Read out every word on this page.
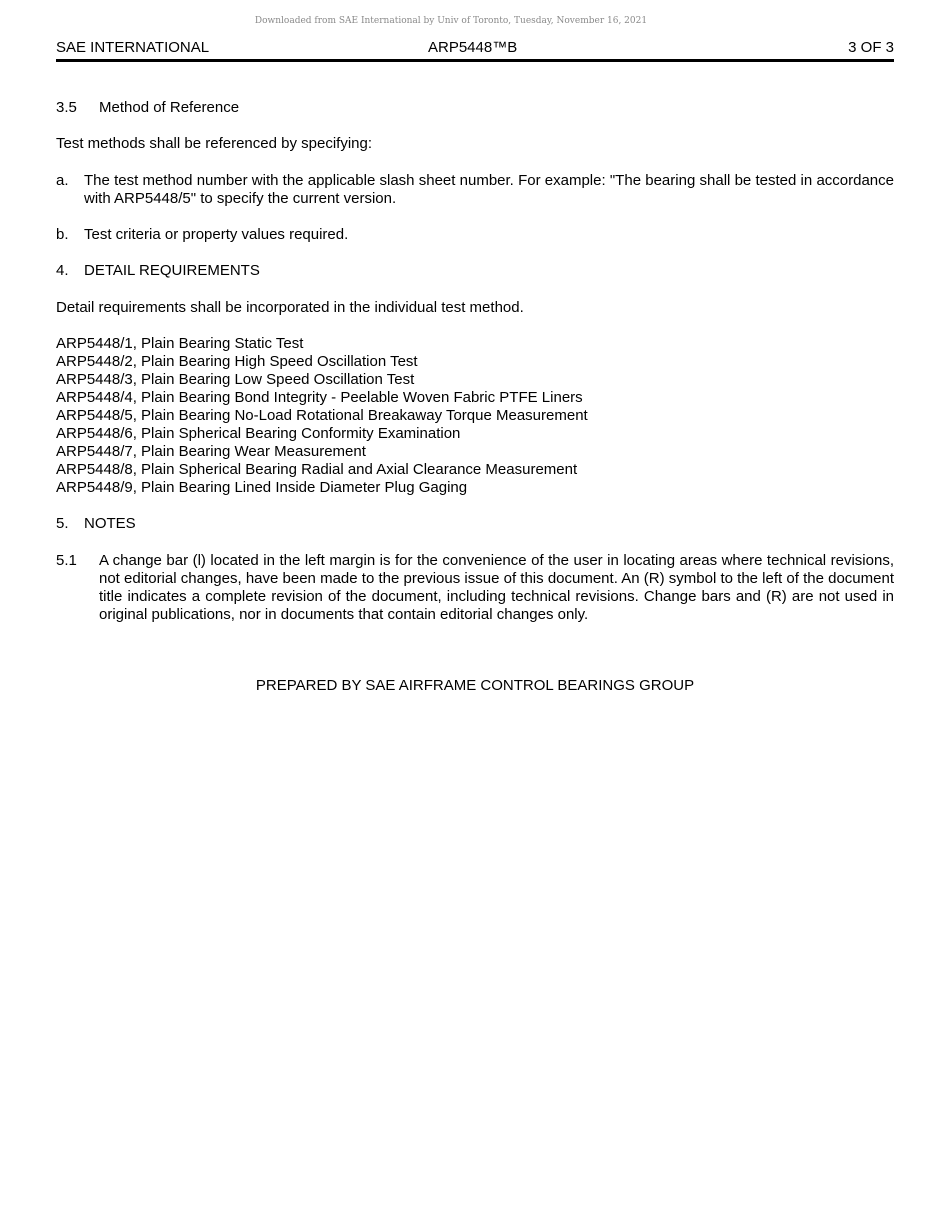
Downloaded from SAE International by Univ of Toronto, Tuesday, November 16, 2021
SAE INTERNATIONAL	ARP5448™B	3 OF 3
3.5 Method of Reference
Test methods shall be referenced by specifying:
a. The test method number with the applicable slash sheet number. For example: "The bearing shall be tested in accordance with ARP5448/5" to specify the current version.
b. Test criteria or property values required.
4. DETAIL REQUIREMENTS
Detail requirements shall be incorporated in the individual test method.
ARP5448/1, Plain Bearing Static Test
ARP5448/2, Plain Bearing High Speed Oscillation Test
ARP5448/3, Plain Bearing Low Speed Oscillation Test
ARP5448/4, Plain Bearing Bond Integrity - Peelable Woven Fabric PTFE Liners
ARP5448/5, Plain Bearing No-Load Rotational Breakaway Torque Measurement
ARP5448/6, Plain Spherical Bearing Conformity Examination
ARP5448/7, Plain Bearing Wear Measurement
ARP5448/8, Plain Spherical Bearing Radial and Axial Clearance Measurement
ARP5448/9, Plain Bearing Lined Inside Diameter Plug Gaging
5. NOTES
5.1 A change bar (l) located in the left margin is for the convenience of the user in locating areas where technical revisions, not editorial changes, have been made to the previous issue of this document. An (R) symbol to the left of the document title indicates a complete revision of the document, including technical revisions. Change bars and (R) are not used in original publications, nor in documents that contain editorial changes only.
PREPARED BY SAE AIRFRAME CONTROL BEARINGS GROUP
